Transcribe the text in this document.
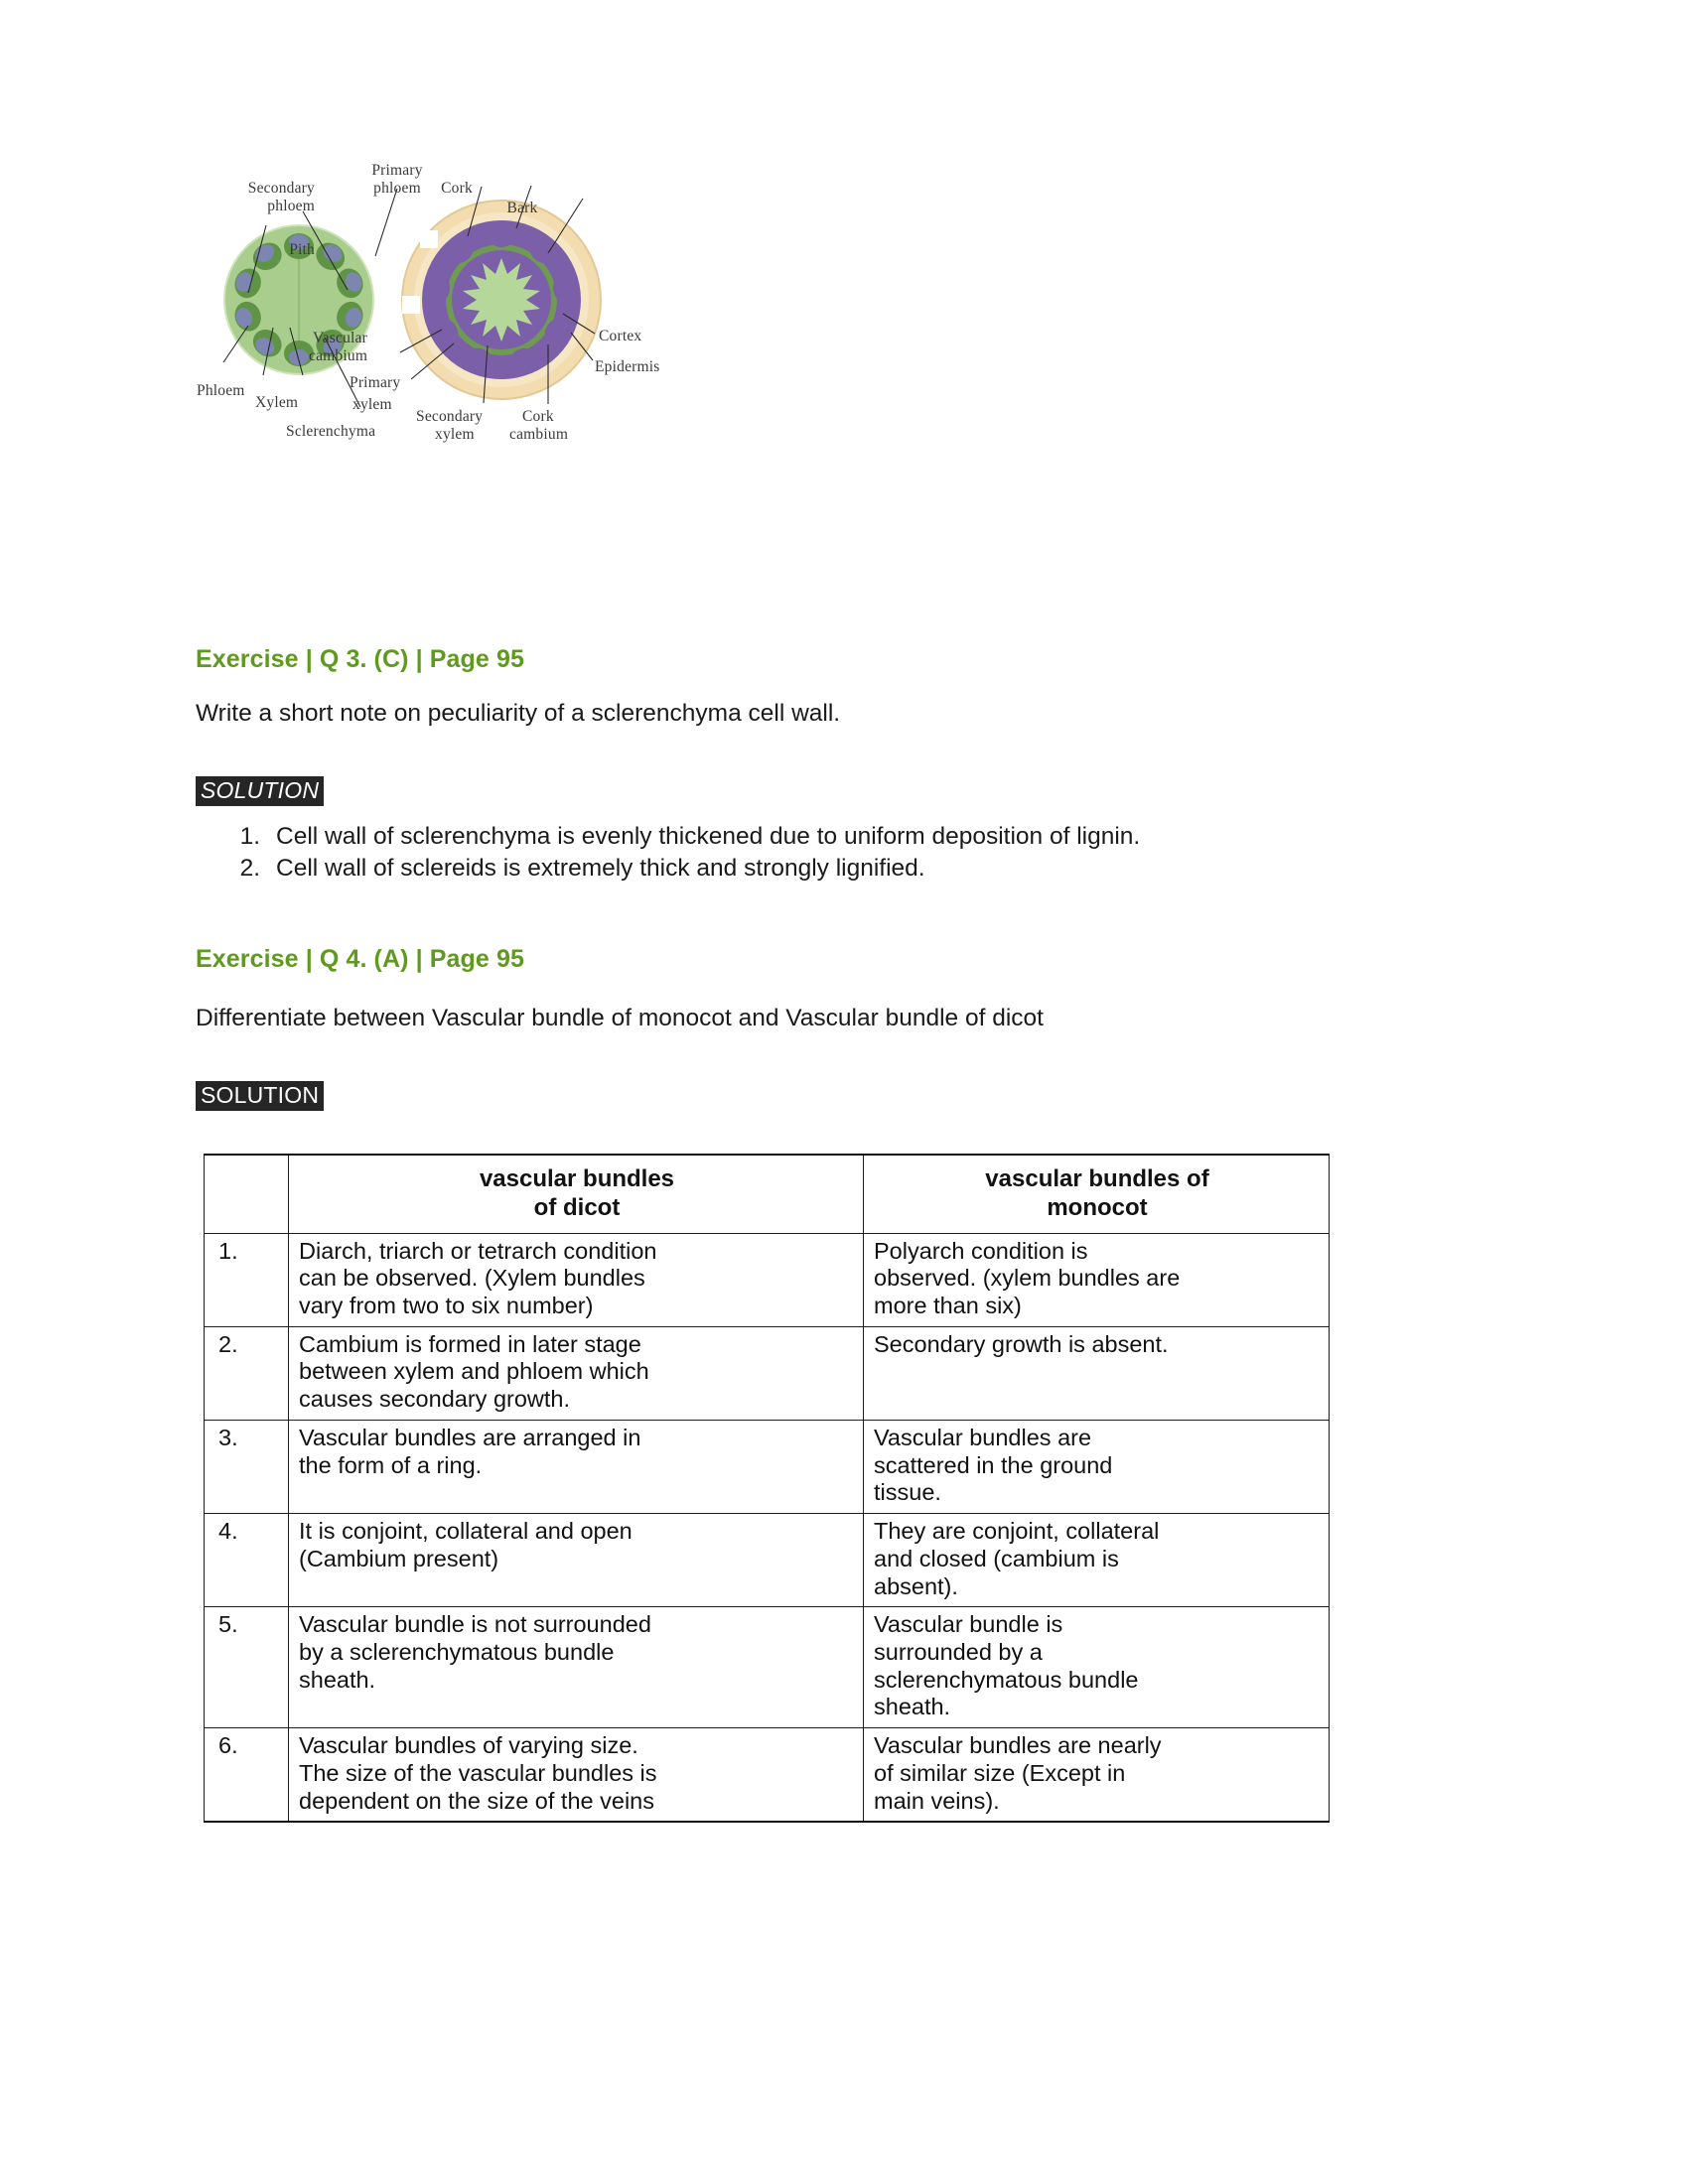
Secondary
phloem
Primary
phloem Cork
Bark
Pith
Phloem
Xylem
Sclerenchyma
Vascular
cambium
Primary
xylem
Secondary
xylem
Cork
cambium
Cortex
Epidermis
Exercise | Q 3. (C) | Page 95
Write a short note on peculiarity of a sclerenchyma cell wall.
SOLUTION
1. Cell wall of sclerenchyma is evenly thickened due to uniform deposition of lignin.
2. Cell wall of sclereids is extremely thick and strongly lignified.
Exercise | Q 4. (A) | Page 95
Differentiate between Vascular bundle of monocot and Vascular bundle of dicot
SOLUTION

	vascular bundles
of dicot	vascular bundles of
monocot

1.	Diarch, triarch or tetrarch condition
can be observed. (Xylem bundles
vary from two to six number)	Polyarch condition is
observed. (xylem bundles are
more than six)

2.	Cambium is formed in later stage
between xylem and phloem which
causes secondary growth.	Secondary growth is absent.

3.	Vascular bundles are arranged in
the form of a ring.	Vascular bundles are
scattered in the ground
tissue.

4.	It is conjoint, collateral and open
(Cambium present)	They are conjoint, collateral
and closed (cambium is
absent).

5.	Vascular bundle is not surrounded
by a sclerenchymatous bundle
sheath.	Vascular bundle is
surrounded by a
sclerenchymatous bundle
sheath.

6.	Vascular bundles of varying size.
The size of the vascular bundles is
dependent on the size of the veins	Vascular bundles are nearly
of similar size (Except in
main veins).
